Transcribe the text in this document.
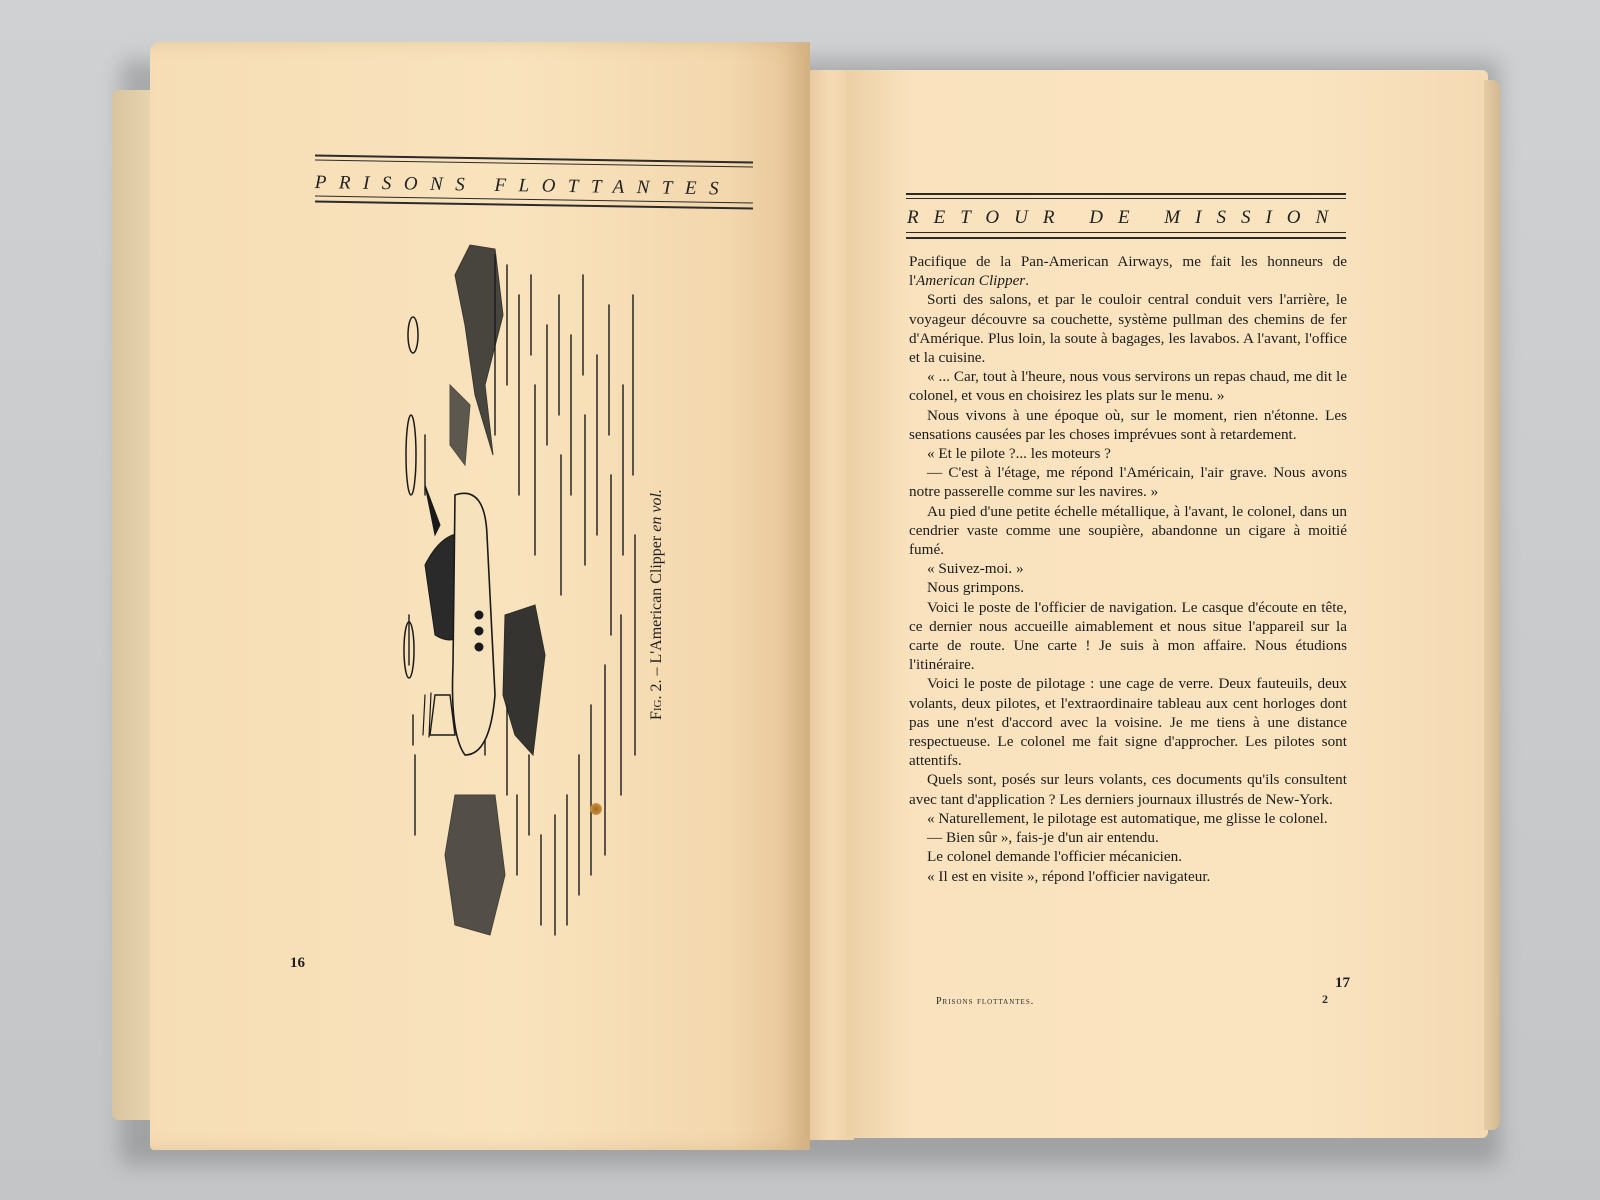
PRISONS FLOTTANTES
Fig. 2. – L'American Clipper en vol.
16
RETOUR DE MISSION

Pacifique de la Pan-American Airways, me fait les honneurs de l'American Clipper.

Sorti des salons, et par le couloir central conduit vers l'arrière, le voyageur découvre sa couchette, système pullman des chemins de fer d'Amérique. Plus loin, la soute à bagages, les lavabos. A l'avant, l'office et la cuisine.

« ... Car, tout à l'heure, nous vous servirons un repas chaud, me dit le colonel, et vous en choisirez les plats sur le menu. »

Nous vivons à une époque où, sur le moment, rien n'étonne. Les sensations causées par les choses imprévues sont à retardement.

« Et le pilote ?... les moteurs ?

— C'est à l'étage, me répond l'Américain, l'air grave. Nous avons notre passerelle comme sur les navires. »

Au pied d'une petite échelle métallique, à l'avant, le colonel, dans un cendrier vaste comme une soupière, abandonne un cigare à moitié fumé.

« Suivez-moi. »

Nous grimpons.

Voici le poste de l'officier de navigation. Le casque d'écoute en tête, ce dernier nous accueille aimablement et nous situe l'appareil sur la carte de route. Une carte ! Je suis à mon affaire. Nous étudions l'itinéraire.

Voici le poste de pilotage : une cage de verre. Deux fauteuils, deux volants, deux pilotes, et l'extraordinaire tableau aux cent horloges dont pas une n'est d'accord avec la voisine. Je me tiens à une distance respectueuse. Le colonel me fait signe d'approcher. Les pilotes sont attentifs.

Quels sont, posés sur leurs volants, ces documents qu'ils consultent avec tant d'application ? Les derniers journaux illustrés de New-York.

« Naturellement, le pilotage est automatique, me glisse le colonel.

— Bien sûr », fais-je d'un air entendu.

Le colonel demande l'officier mécanicien.

« Il est en visite », répond l'officier navigateur.

17
Prisons flottantes.	2
